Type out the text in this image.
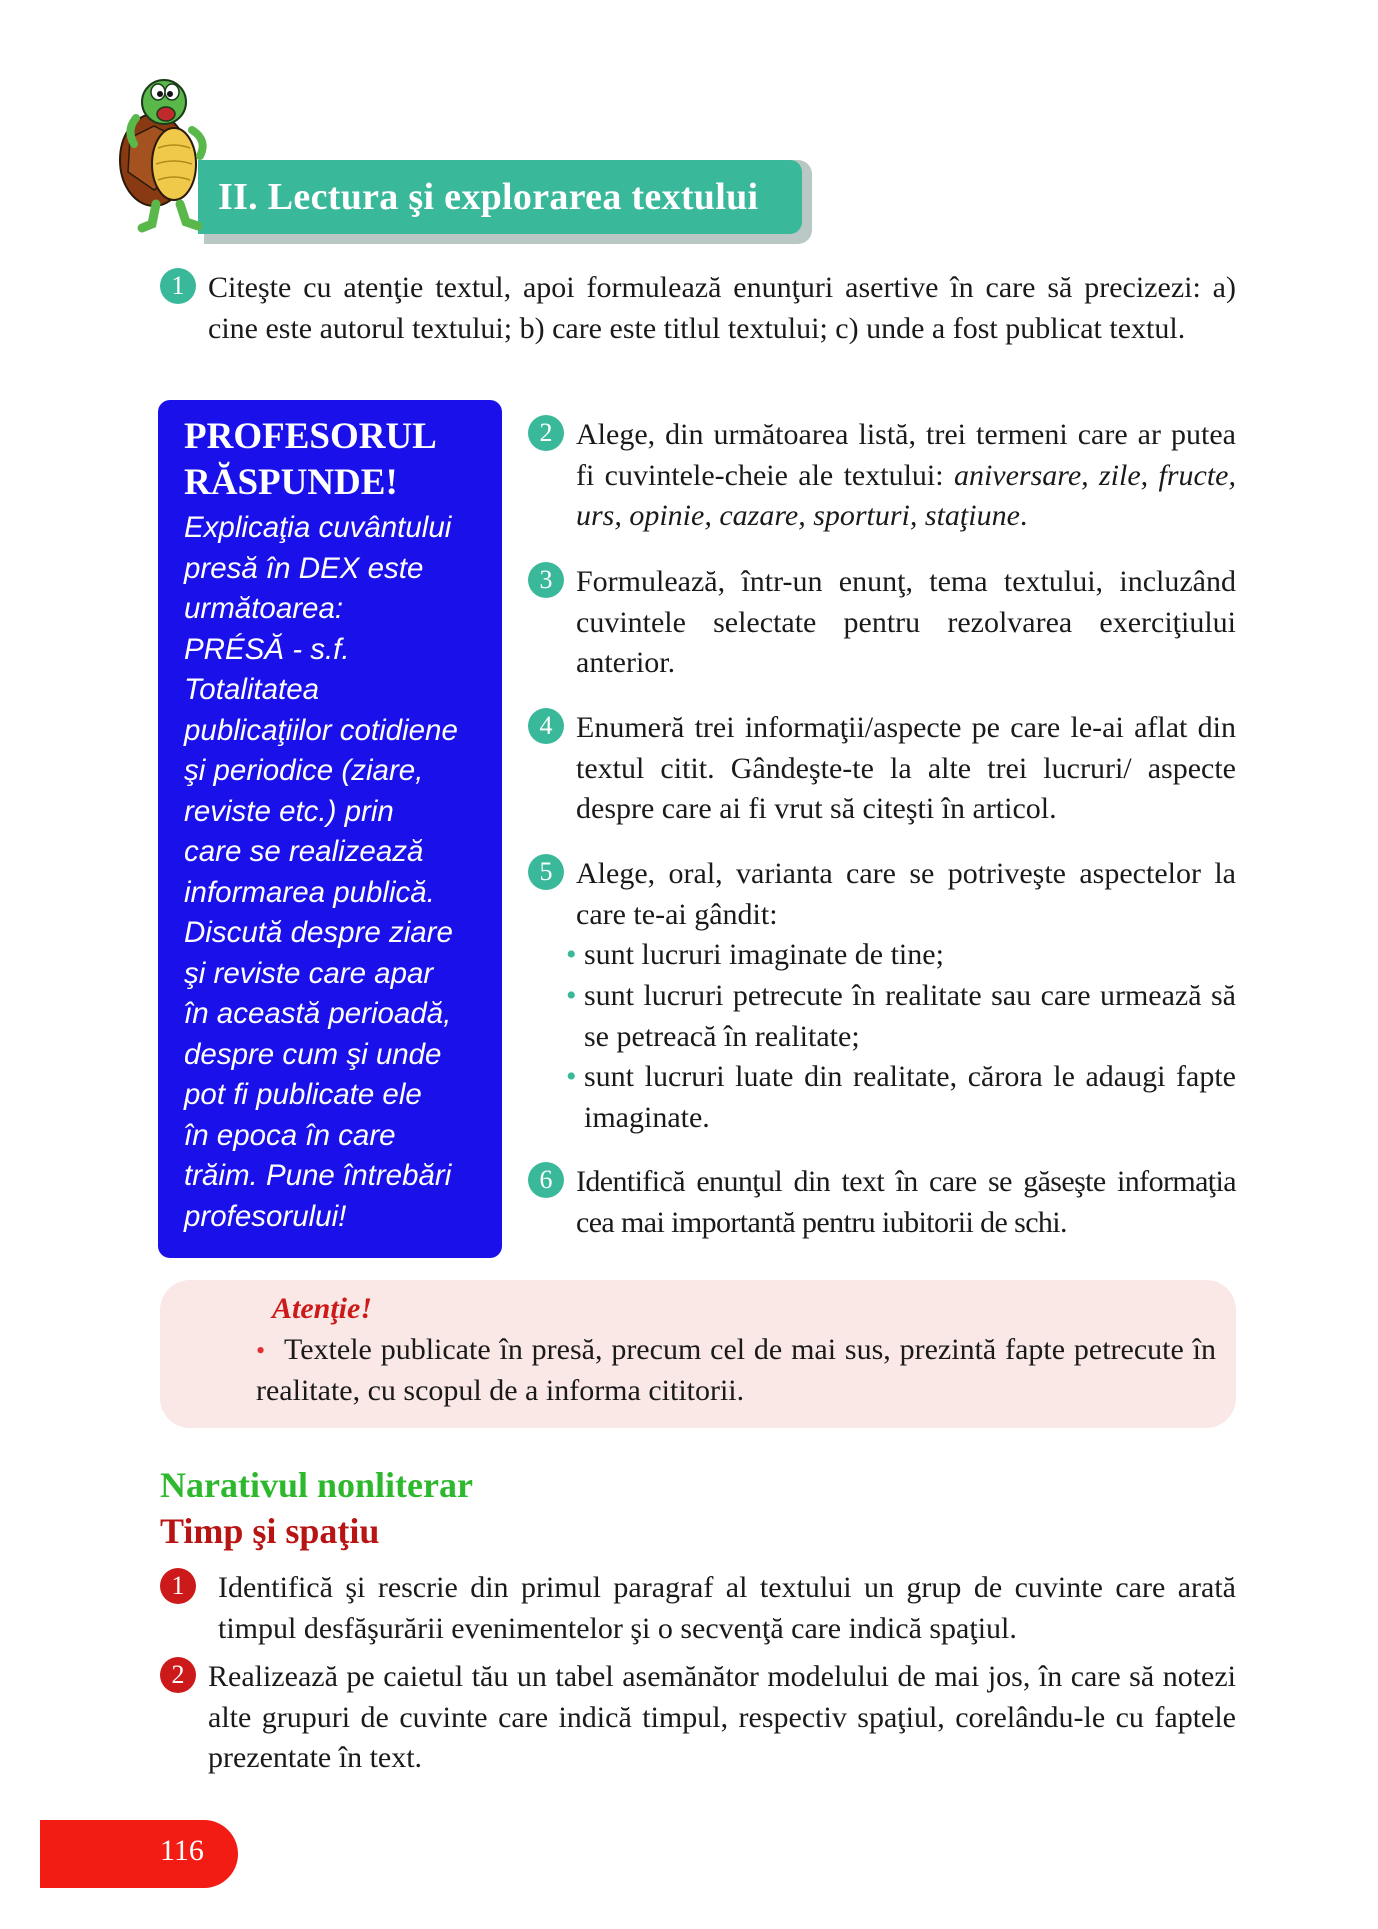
II. Lectura şi explorarea textului
1 Citeşte cu atenţie textul, apoi formulează enunţuri asertive în care să precizezi: a) cine este autorul textului; b) care este titlul textului; c) unde a fost publicat textul.
PROFESORUL
RĂSPUNDE!
Explicaţia cuvântului
presă în DEX este
următoarea:
PRÉSĂ - s.f.
Totalitatea
publicaţiilor cotidiene
şi periodice (ziare,
reviste etc.) prin
care se realizează
informarea publică.
Discută despre ziare
şi reviste care apar
în această perioadă,
despre cum şi unde
pot fi publicate ele
în epoca în care
trăim. Pune întrebări
profesorului!
2 Alege, din următoarea listă, trei termeni care ar putea fi cuvintele-cheie ale textului: aniversare, zile, fructe, urs, opinie, cazare, sporturi, staţiune.
3 Formulează, într-un enunţ, tema textului, incluzând cuvintele selectate pentru rezolvarea exerciţiului anterior.
4 Enumeră trei informaţii/aspecte pe care le-ai aflat din textul citit. Gândeşte-te la alte trei lucruri/ aspecte despre care ai fi vrut să citeşti în articol.
5 Alege, oral, varianta care se potriveşte aspectelor la care te-ai gândit:
• sunt lucruri imaginate de tine;
• sunt lucruri petrecute în realitate sau care urmează să se petreacă în realitate;
• sunt lucruri luate din realitate, cărora le adaugi fapte imaginate.
6 Identifică enunţul din text în care se găseşte informaţia cea mai importantă pentru iubitorii de schi.
Atenţie!
• Textele publicate în presă, precum cel de mai sus, prezintă fapte petrecute în realitate, cu scopul de a informa cititorii.
Narativul nonliterar
Timp şi spaţiu
1	Identifică şi rescrie din primul paragraf al textului un grup de cuvinte care arată timpul desfăşurării evenimentelor şi o secvenţă care indică spaţiul.
2 Realizează pe caietul tău un tabel asemănător modelului de mai jos, în care să notezi alte grupuri de cuvinte care indică timpul, respectiv spaţiul, corelându-le cu faptele prezentate în text.
116
